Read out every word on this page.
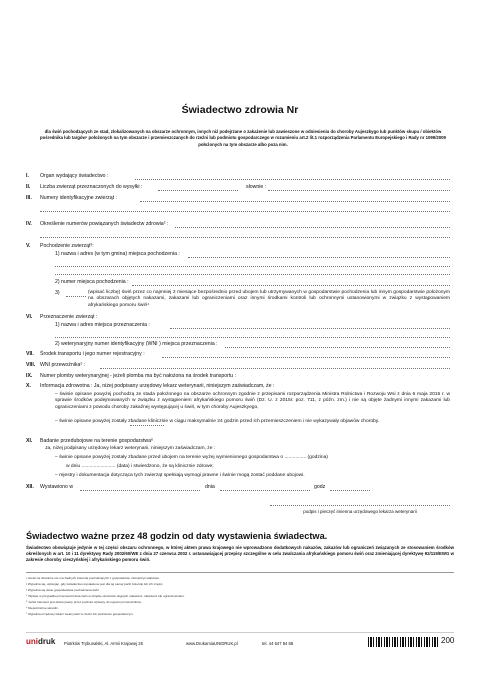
Świadectwo zdrowia Nr
dla świń pochodzących ze stad, zlokalizowanych na obszarze ochronnym, innych niż podejrzane o zakażenie lub zawieszone w odniesieniu do choroby Aujeszkygo lub punktów skupu / obiektów pośrednika lub targów¹ położonych na tym obszarze i przemieszczanych do rzeźni lub podmiotu gospodarczego w rozumieniu art.2 lit.1 rozporządzenia Parlamentu Europejskiego i Rady nr 1099/2009 położonych na tym obszarze albo poza nim.
I. Organ wydający świadectwo :
II. Liczba zwierząt przeznaczonych do wysyłki :	słownie :
III. Numery identyfikacyjne zwierząt :
IV. Określenie numerów powiązanych świadectw zdrowia² :
V. Pochodzenie zwierząt³:
1) nazwa i adres (w tym gmina) miejsca pochodzenia :
2) numer miejsca pochodzenia :
3)	(wpisać liczbę) świń przez co najmniej 2 miesiące bezpośrednio przed ubojem lub utrzymywanych w gospodarstwie pochodzenia lub innym gospodarstwie położonym na obszarach objętych nakazami, zakazami lub ograniczeniami oraz innymi środkami kontroli lub ochronnymi ustanowionymi w związku z wystąpowaniem afrykańskiego pomoru świń⁴
VI. Przeznaczenie zwierząt :
1) nazwa i adres miejsca przeznaczenia :
2) weterynaryjny numer identyfikacyjny (WNI ) miejsca przeznaczenia :
VII. Środek transportu i jego numer rejestracyjny :
VIII. WNI przewoźnika⁵ :
IX. Numer plomby weterynaryjnej - jeżeli plomba ma być nałożona na środek transportu :
X. Informacja zdrowotna : Ja, niżej podpisany urzędowy lekarz weterynarii, niniejszym zaświadczam, że :
– świnie opisane powyżej pochodzą ze stada położonego na obszarze ochronnym zgodnie z przepisami rozporządzenia Ministra Rolnictwa i Rozwoju Wsi z dnia 6 maja 2015 r. w sprawie środków podejmowanych w związku z wystąpieniem afrykańskiego pomoru świń (Dz. U. z 2015r. poz. 711, z późn. zm.) i nie są objęte żadnymi innymi zakazami lub ograniczeniami z powodu choroby zakaźnej występującej u świń, w tym choroby Aujeszkyego,
– świnie opisane powyżej zostały zbadane klinicznie w ciągu maksymalnie 24 godzin przed ich przemieszczeniem i nie wykazywały objawów choroby.
XI. Badanie przedubojowe na terenie gospodarstwa⁶
Ja, niżej podpisany urzędowy lekarz weterynarii, niniejszym zaświadczam, że :
– świnie opisane powyżej zostały zbadane przed ubojem na terenie wyżej wymienionego gospodarstwa o ................ (godzina)
w dniu ......................... (data) i stwierdzono, że są klinicznie zdrowe;
– rejestry i dokumentacja dotycząca tych zwierząt spełniają wymogi prawne i świnie mogą zostać poddane ubojowi.
XII. Wystawiono w	dnia	godz
podpis i pieczęć imienna urzędowego lekarza weterynarii
Świadectwo ważne przez 48 godzin od daty wystawienia świadectwa.
Świadectwo obowiązuje jedynie w tej części obszaru ochronnego, w której aktem prawa krajowego nie wprowadzono dodatkowych nakazów, zakazów lub ograniczeń związanych ze stosowaniem środków określonych w art. 10 i 11 dyrektywy Rady 2002/60/WE z dnia 27 czerwca 2002 r. ustanawiającej przepisy szczególne w celu zwalczania afrykańskiego pomoru świń oraz zmieniającej dyrektywę 92/119/EWG w zakresie choroby cieszyńskiej i afrykańskiego pomoru świń.
¹ Jeżeli na obszarze nie ma żadnych zwierząt pochodzących z gospodarstw, zaznaczyć właściwe.
² Wypełnia się, wpisując, gdy świadectwo wystawione jest dla tej samej partii zwierząt lub ich części.
³ Wypełnia się dane gospodarstwa pochodzenia świń.
⁴ Wpisać w przypadku przemieszczania świń w obrębie obszarów objętych nakazami, zakazami lub ograniczeniami.
⁵ Jeżeli transport jest dokonywany przez podmiot wpisany do rejestru przewoźników.
⁶ Niepotrzebne skreślić.
⁷ Wypełnia urzędowy lekarz weterynarii w rzeźni lub podmiocie gospodarczym.
unidruk Piotrków Trybunalski, Al. Armii Krajowej 26	www.DrukarniaUNIDRUK.pl	tel. 44 647 84 88	200
